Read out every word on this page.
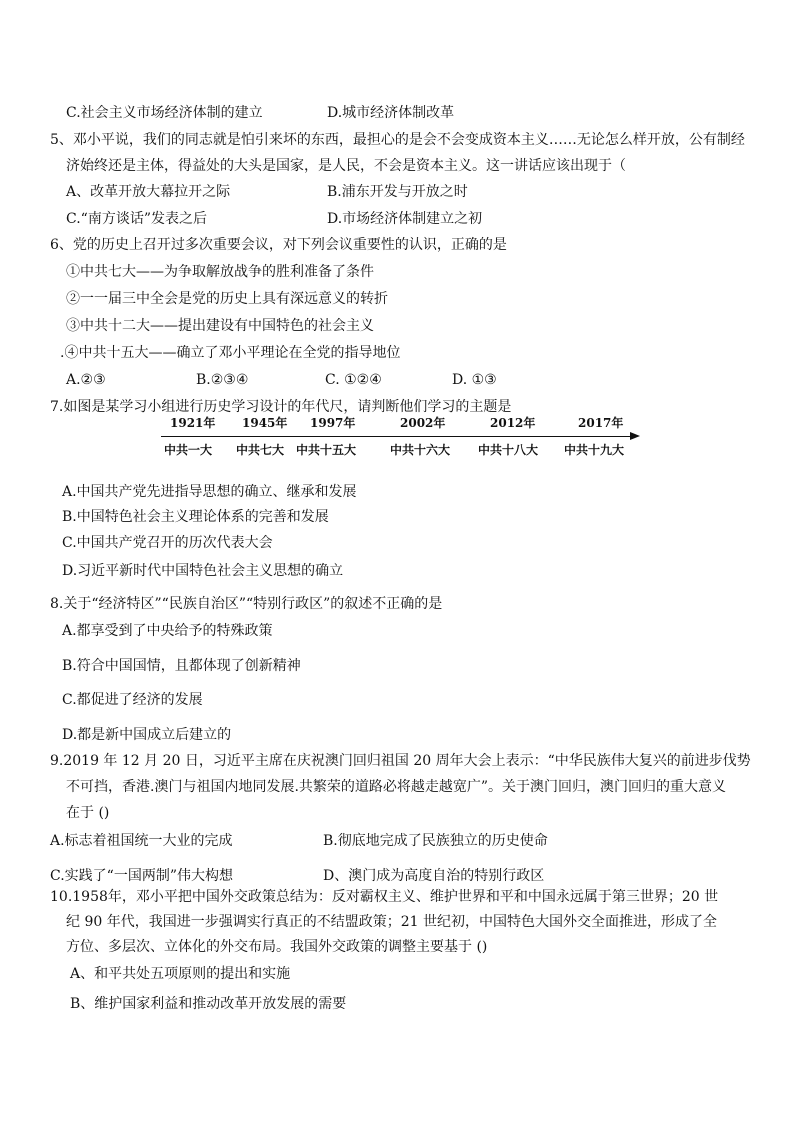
C.社会主义市场经济体制的建立	D.城市经济体制改革
5、邓小平说，我们的同志就是怕引来坏的东西，最担心的是会不会变成资本主义……无论怎么样开放，公有制经
济始终还是主体，得益处的大头是国家，是人民，不会是资本主义。这一讲话应该出现于（
A、改革开放大幕拉开之际	B.浦东开发与开放之时
C.“南方谈话”发表之后	D.市场经济体制建立之初
6、党的历史上召开过多次重要会议，对下列会议重要性的认识，正确的是
①中共七大——为争取解放战争的胜利准备了条件
②一一届三中全会是党的历史上具有深远意义的转折
③中共十二大——提出建设有中国特色的社会主义
.④中共十五大——确立了邓小平理论在全党的指导地位
A.②③	B.②③④	C. ①②④	D. ①③
7.如图是某学习小组进行历史学习设计的年代尺，请判断他们学习的主题是
1921年 1945年 1997年	2002年	2012年	2017年
中共一大 中共七大 中共十五大	中共十六大 中共十八大 中共十九大
A.中国共产党先进指导思想的确立、继承和发展
B.中国特色社会主义理论体系的完善和发展
C.中国共产党召开的历次代表大会
D.习近平新时代中国特色社会主义思想的确立
8.关于“经济特区”“民族自治区”“特别行政区”的叙述不正确的是
A.都享受到了中央给予的特殊政策
B.符合中国国情，且都体现了创新精神
C.都促进了经济的发展
D.都是新中国成立后建立的
9.2019 年 12 月 20 日，习近平主席在庆祝澳门回归祖国 20 周年大会上表示：“中华民族伟大复兴的前进步伐势
不可挡，香港.澳门与祖国内地同发展.共繁荣的道路必将越走越宽广”。关于澳门回归，澳门回归的重大意义
在于 ()
A.标志着祖国统一大业的完成	B.彻底地完成了民族独立的历史使命
C.实践了“一国两制”伟大构想	D、澳门成为高度自治的特别行政区
10.1958年，邓小平把中国外交政策总结为：反对霸权主义、维护世界和平和中国永远属于第三世界；20 世
纪 90 年代，我国进一步强调实行真正的不结盟政策；21 世纪初，中国特色大国外交全面推进，形成了全
方位、多层次、立体化的外交布局。我国外交政策的调整主要基于 ()
A、和平共处五项原则的提出和实施
B、维护国家利益和推动改革开放发展的需要
